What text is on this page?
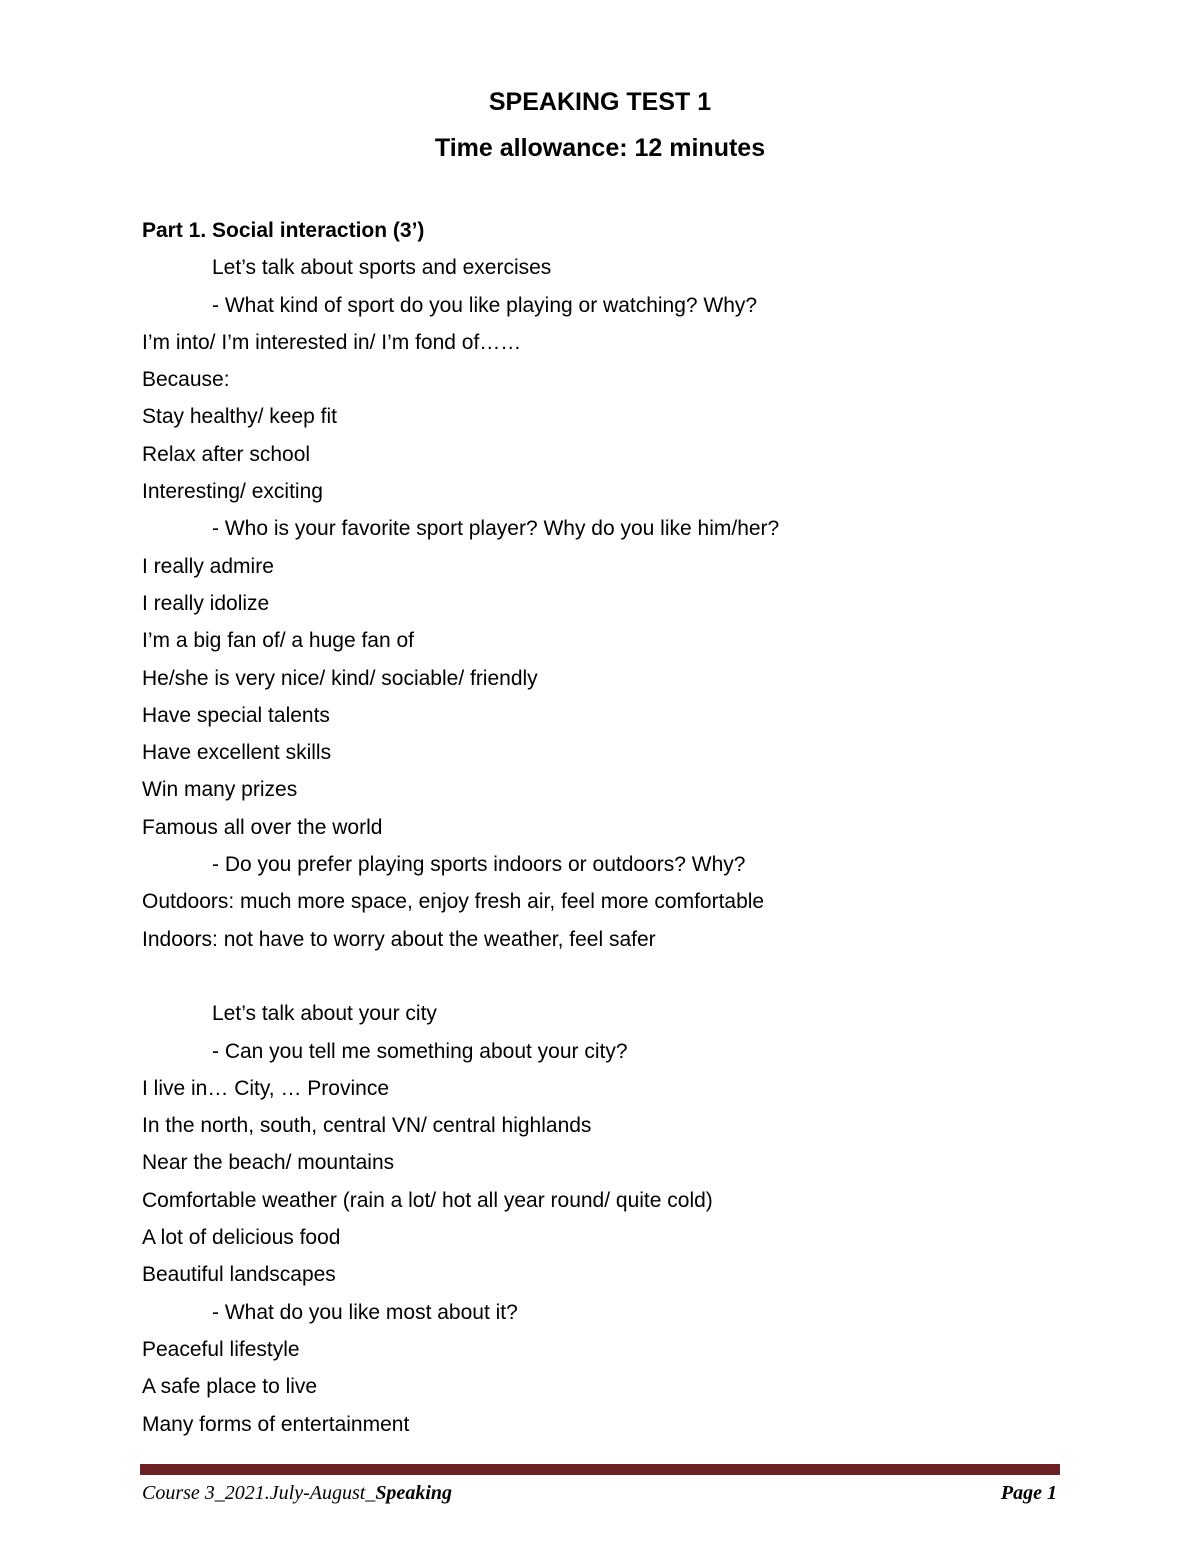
SPEAKING TEST 1
Time allowance: 12 minutes
Part 1. Social interaction (3’)
Let’s talk about sports and exercises
- What kind of sport do you like playing or watching? Why?
I’m into/ I’m interested in/ I’m fond of……
Because:
Stay healthy/ keep fit
Relax after school
Interesting/ exciting
- Who is your favorite sport player? Why do you like him/her?
I really admire
I really idolize
I’m a big fan of/ a huge fan of
He/she is very nice/ kind/ sociable/ friendly
Have special talents
Have excellent skills
Win many prizes
Famous all over the world
- Do you prefer playing sports indoors or outdoors? Why?
Outdoors: much more space, enjoy fresh air, feel more comfortable
Indoors: not have to worry about the weather, feel safer
Let’s talk about your city
- Can you tell me something about your city?
I live in… City, … Province
In the north, south, central VN/ central highlands
Near the beach/ mountains
Comfortable weather (rain a lot/ hot all year round/ quite cold)
A lot of delicious food
Beautiful landscapes
- What do you like most about it?
Peaceful lifestyle
A safe place to live
Many forms of entertainment
Course 3_2021.July-August_Speaking	Page 1
